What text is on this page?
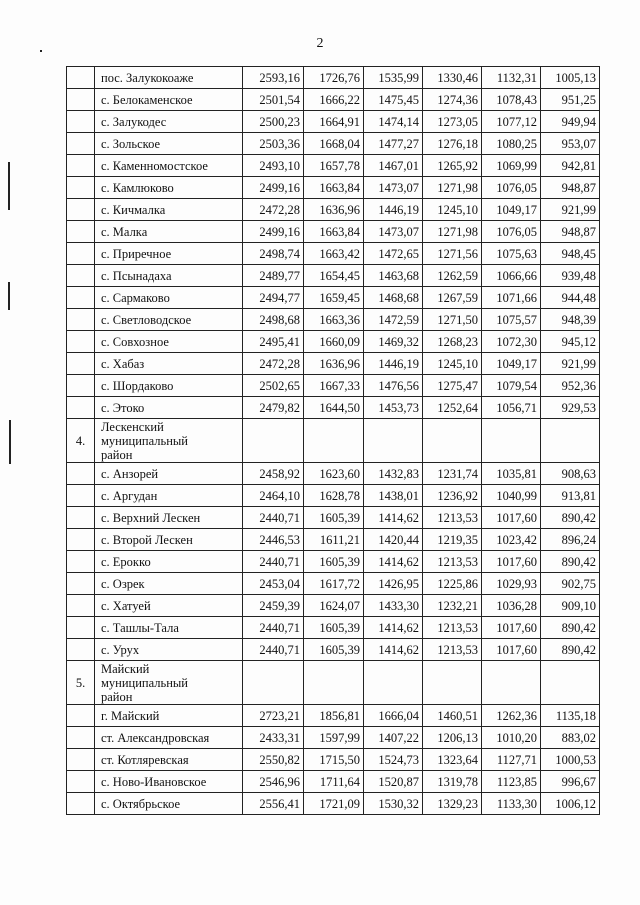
2
	пос. Залукокоаже	2593,16	1726,76	1535,99	1330,46	1132,31	1005,13
	с. Белокаменское	2501,54	1666,22	1475,45	1274,36	1078,43	951,25
	с. Залукодес	2500,23	1664,91	1474,14	1273,05	1077,12	949,94
	с. Зольское	2503,36	1668,04	1477,27	1276,18	1080,25	953,07
	с. Каменномостское	2493,10	1657,78	1467,01	1265,92	1069,99	942,81
	с. Камлюково	2499,16	1663,84	1473,07	1271,98	1076,05	948,87
	с. Кичмалка	2472,28	1636,96	1446,19	1245,10	1049,17	921,99
	с. Малка	2499,16	1663,84	1473,07	1271,98	1076,05	948,87
	с. Приречное	2498,74	1663,42	1472,65	1271,56	1075,63	948,45
	с. Псынадаха	2489,77	1654,45	1463,68	1262,59	1066,66	939,48
	с. Сармаково	2494,77	1659,45	1468,68	1267,59	1071,66	944,48
	с. Светловодское	2498,68	1663,36	1472,59	1271,50	1075,57	948,39
	с. Совхозное	2495,41	1660,09	1469,32	1268,23	1072,30	945,12
	с. Хабаз	2472,28	1636,96	1446,19	1245,10	1049,17	921,99
	с. Шордаково	2502,65	1667,33	1476,56	1275,47	1079,54	952,36
	с. Этоко	2479,82	1644,50	1453,73	1252,64	1056,71	929,53
4.	Лескенский
муниципальный
район						

	с. Анзорей	2458,92	1623,60	1432,83	1231,74	1035,81	908,63
	с. Аргудан	2464,10	1628,78	1438,01	1236,92	1040,99	913,81
	с. Верхний Лескен	2440,71	1605,39	1414,62	1213,53	1017,60	890,42
	с. Второй Лескен	2446,53	1611,21	1420,44	1219,35	1023,42	896,24
	с. Ерокко	2440,71	1605,39	1414,62	1213,53	1017,60	890,42
	с. Озрек	2453,04	1617,72	1426,95	1225,86	1029,93	902,75
	с. Хатуей	2459,39	1624,07	1433,30	1232,21	1036,28	909,10
	с. Ташлы-Тала	2440,71	1605,39	1414,62	1213,53	1017,60	890,42
	с. Урух	2440,71	1605,39	1414,62	1213,53	1017,60	890,42
5.	Майский
муниципальный
район						

	г. Майский	2723,21	1856,81	1666,04	1460,51	1262,36	1135,18
	ст. Александровская	2433,31	1597,99	1407,22	1206,13	1010,20	883,02
	ст. Котляревская	2550,82	1715,50	1524,73	1323,64	1127,71	1000,53
	с. Ново-Ивановское	2546,96	1711,64	1520,87	1319,78	1123,85	996,67
	с. Октябрьское	2556,41	1721,09	1530,32	1329,23	1133,30	1006,12
